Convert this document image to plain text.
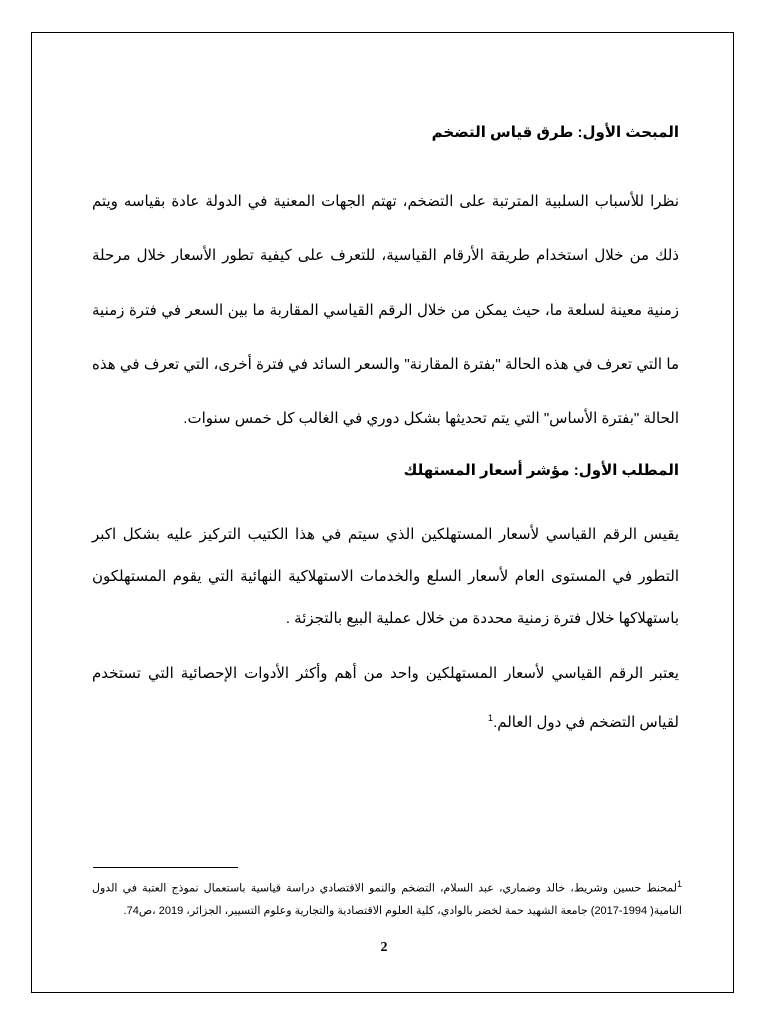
المبحث الأول: طرق قياس التضخم

نظرا للأسباب السلبية المترتبة على التضخم، تهتم الجهات المعنية في الدولة عادة بقياسه ويتم ذلك من خلال استخدام طريقة الأرقام القياسية، للتعرف على كيفية تطور الأسعار خلال مرحلة زمنية معينة لسلعة ما، حيث يمكن من خلال الرقم القياسي المقاربة ما بين السعر في فترة زمنية ما التي تعرف في هذه الحالة "بفترة المقارنة" والسعر السائد في فترة أخرى، التي تعرف في هذه الحالة "بفترة الأساس" التي يتم تحديثها بشكل دوري في الغالب كل خمس سنوات.

المطلب الأول: مؤشر أسعار المستهلك

يقيس الرقم القياسي لأسعار المستهلكين الذي سيتم في هذا الكتيب التركيز عليه بشكل اكبر التطور في المستوى العام لأسعار السلع والخدمات الاستهلاكية النهائية التي يقوم المستهلكون باستهلاكها خلال فترة زمنية محددة من خلال عملية البيع بالتجزئة .

يعتبر الرقم القياسي لأسعار المستهلكين واحد من أهم وأكثر الأدوات الإحصائية التي تستخدم لقياس التضخم في دول العالم.$^1$

$^1$لمحنط حسين وشريط، خالد وضماري، عبد السلام، التضخم والنمو الاقتصادي دراسة قياسية باستعمال نموذج العتبة في الدول النامية( 1994-2017) جامعة الشهيد حمة لخضر بالوادي، كلية العلوم الاقتصادية والتجارية وعلوم التسيير، الجزائر، 2019 ،ص74.
2
